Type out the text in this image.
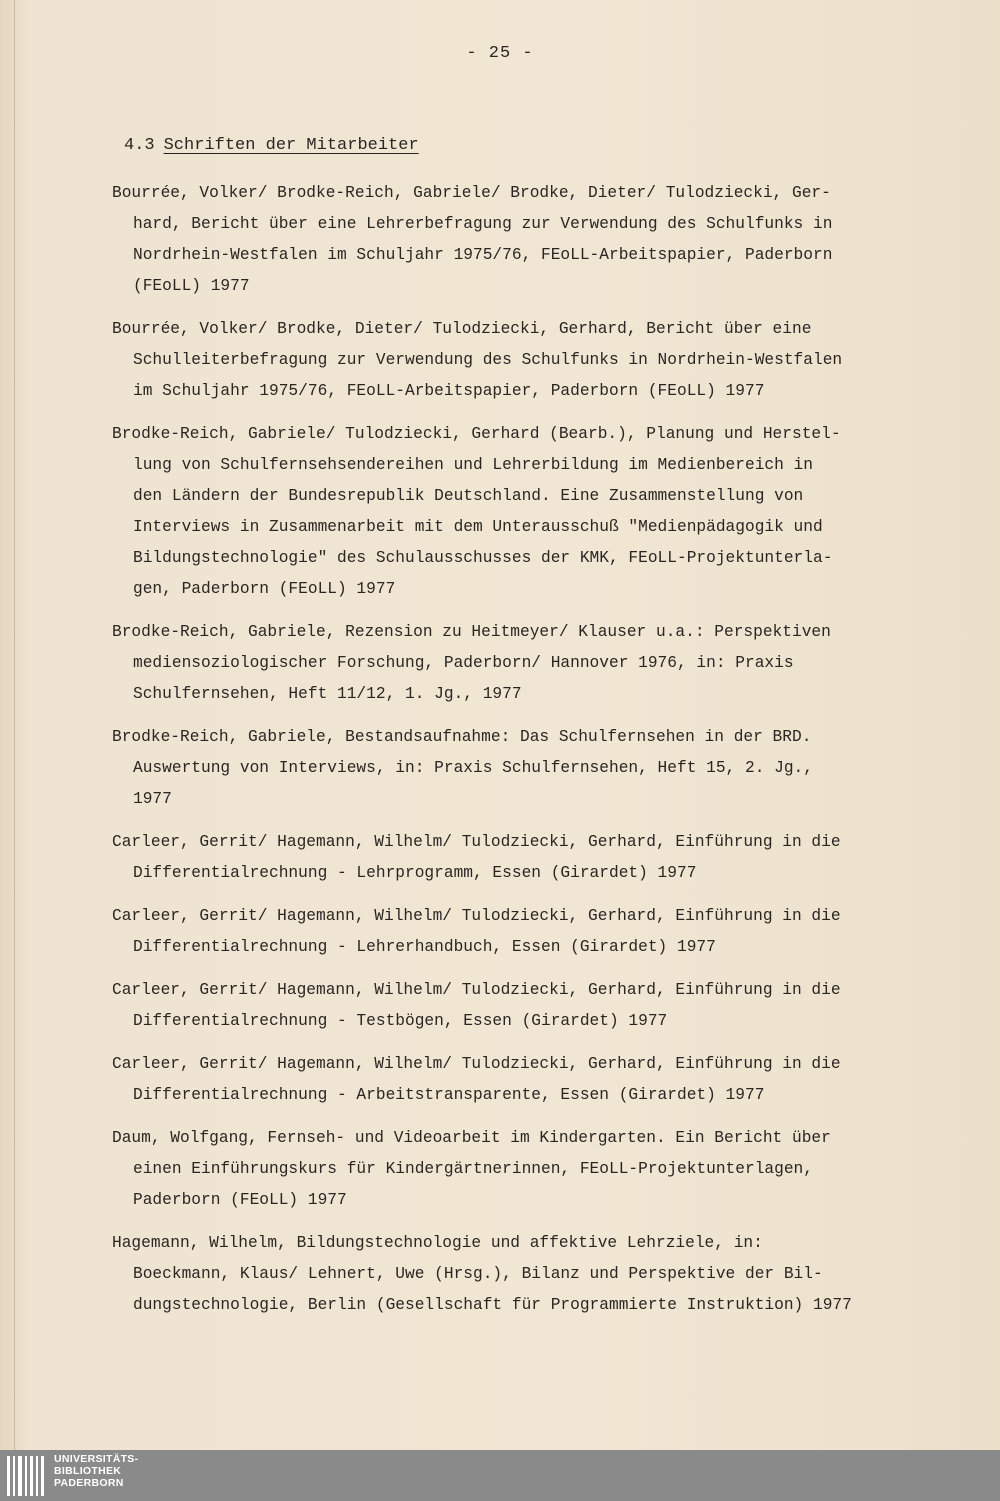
- 25 -
4.3 Schriften der Mitarbeiter
Bourrée, Volker/ Brodke-Reich, Gabriele/ Brodke, Dieter/ Tulodziecki, Ger-
hard, Bericht über eine Lehrerbefragung zur Verwendung des Schulfunks in
Nordrhein-Westfalen im Schuljahr 1975/76, FEoLL-Arbeitspapier, Paderborn
(FEoLL) 1977
Bourrée, Volker/ Brodke, Dieter/ Tulodziecki, Gerhard, Bericht über eine
Schulleiterbefragung zur Verwendung des Schulfunks in Nordrhein-Westfalen
im Schuljahr 1975/76, FEoLL-Arbeitspapier, Paderborn (FEoLL) 1977
Brodke-Reich, Gabriele/ Tulodziecki, Gerhard (Bearb.), Planung und Herstel-
lung von Schulfernsehsendereihen und Lehrerbildung im Medienbereich in
den Ländern der Bundesrepublik Deutschland. Eine Zusammenstellung von
Interviews in Zusammenarbeit mit dem Unterausschuß "Medienpädagogik und
Bildungstechnologie" des Schulausschusses der KMK, FEoLL-Projektunterla-
gen, Paderborn (FEoLL) 1977
Brodke-Reich, Gabriele, Rezension zu Heitmeyer/ Klauser u.a.: Perspektiven
mediensoziologischer Forschung, Paderborn/ Hannover 1976, in: Praxis
Schulfernsehen, Heft 11/12, 1. Jg., 1977
Brodke-Reich, Gabriele, Bestandsaufnahme: Das Schulfernsehen in der BRD.
Auswertung von Interviews, in: Praxis Schulfernsehen, Heft 15, 2. Jg.,
1977
Carleer, Gerrit/ Hagemann, Wilhelm/ Tulodziecki, Gerhard, Einführung in die
Differentialrechnung - Lehrprogramm, Essen (Girardet) 1977
Carleer, Gerrit/ Hagemann, Wilhelm/ Tulodziecki, Gerhard, Einführung in die
Differentialrechnung - Lehrerhandbuch, Essen (Girardet) 1977
Carleer, Gerrit/ Hagemann, Wilhelm/ Tulodziecki, Gerhard, Einführung in die
Differentialrechnung - Testbögen, Essen (Girardet) 1977
Carleer, Gerrit/ Hagemann, Wilhelm/ Tulodziecki, Gerhard, Einführung in die
Differentialrechnung - Arbeitstransparente, Essen (Girardet) 1977
Daum, Wolfgang, Fernseh- und Videoarbeit im Kindergarten. Ein Bericht über
einen Einführungskurs für Kindergärtnerinnen, FEoLL-Projektunterlagen,
Paderborn (FEoLL) 1977
Hagemann, Wilhelm, Bildungstechnologie und affektive Lehrziele, in:
Boeckmann, Klaus/ Lehnert, Uwe (Hrsg.), Bilanz und Perspektive der Bil-
dungstechnologie, Berlin (Gesellschaft für Programmierte Instruktion) 1977
UNIVERSITÄTS-
BIBLIOTHEK
PADERBORN
